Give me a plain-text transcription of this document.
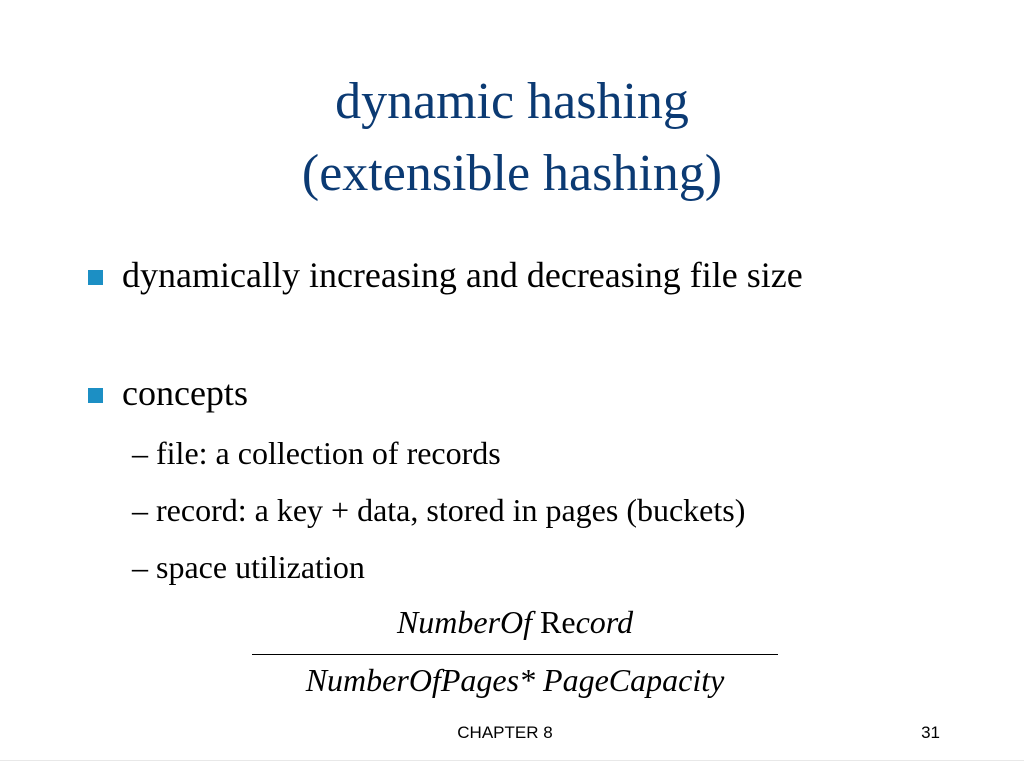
dynamic hashing
(extensible hashing)
dynamically increasing and decreasing file size
concepts
– file: a collection of records
– record: a key + data, stored in pages (buckets)
– space utilization
NumberOf Record
NumberOfPages* PageCapacity
CHAPTER 8	31
